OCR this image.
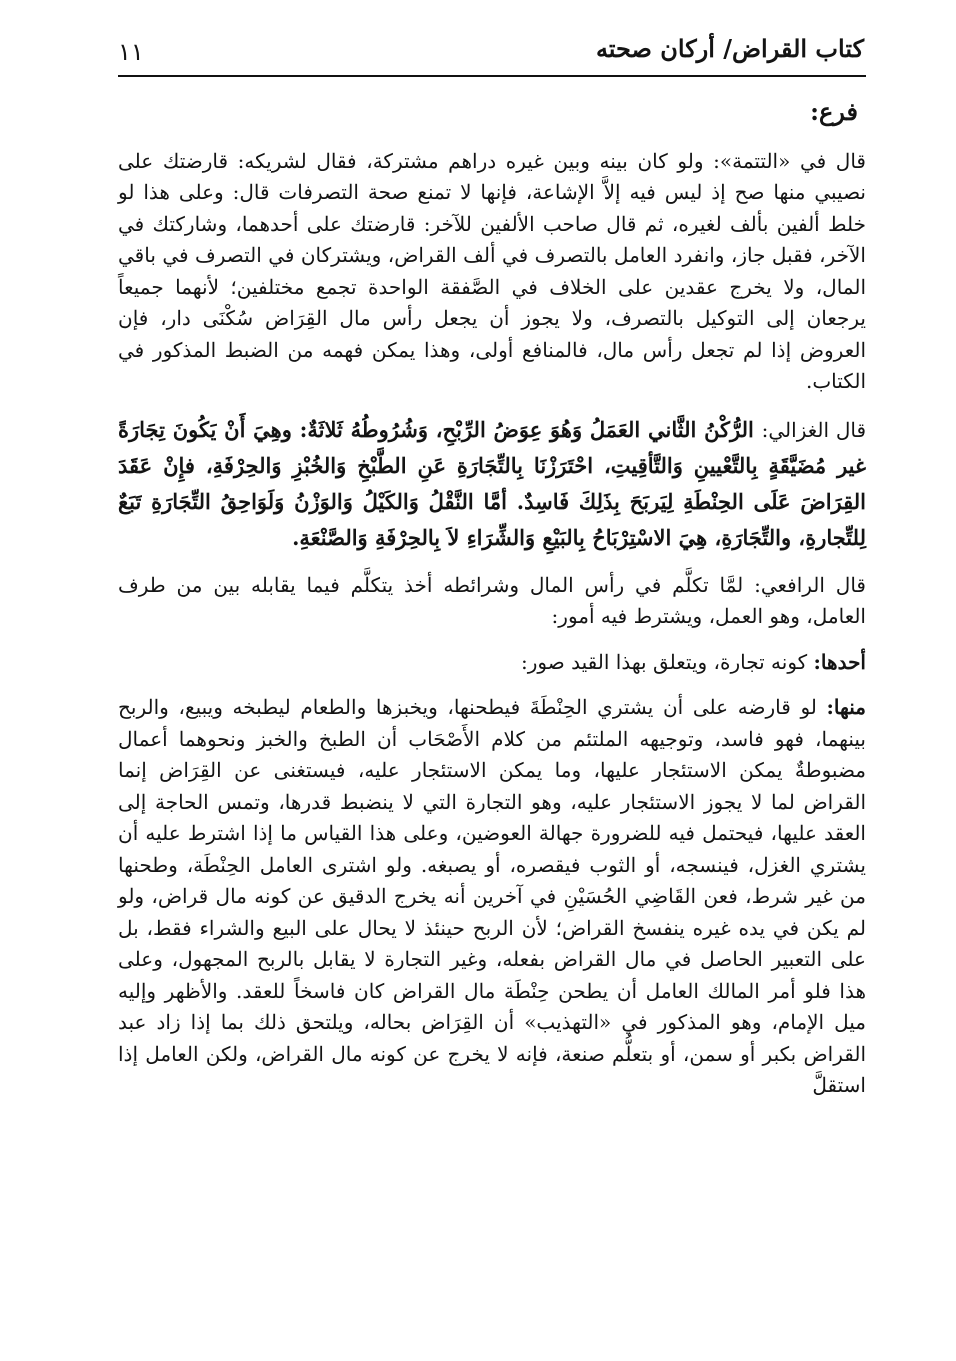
١١	كتاب القراض/ أركان صحته
فرع:

قال في «التتمة»: ولو كان بينه وبين غيره دراهم مشتركة، فقال لشريكه: قارضتك على نصيبي منها صح إذ ليس فيه إلاَّ الإشاعة، فإنها لا تمنع صحة التصرفات قال: وعلى هذا لو خلط ألفين بألف لغيره، ثم قال صاحب الألفين للآخر: قارضتك على أحدهما، وشاركتك في الآخر، فقبل جاز، وانفرد العامل بالتصرف في ألف القراض، ويشتركان في التصرف في باقي المال، ولا يخرج عقدين على الخلاف في الصَّفقة الواحدة تجمع مختلفين؛ لأنهما جميعاً يرجعان إلى التوكيل بالتصرف، ولا يجوز أن يجعل رأس مال القِرَاض سُكْنَى دار، فإن العروض إذا لم تجعل رأس مال، فالمنافع أولى، وهذا يمكن فهمه من الضبط المذكور في الكتاب.

قال الغزالي: الرُّكْنُ الثَّاني العَمَلُ وَهُوَ عِوَضُ الرِّبْحِ، وَشُرُوطُهُ ثَلاثَةٌ: وهِيَ أَنْ يَكُونَ تِجَارَةً غير مُضَيَّقَةٍ بِالتَّعْيينِ وَالتَّأقِيتِ، احْتَرَزْنَا بِالتِّجَارَةِ عَنِ الطَّبْخِ وَالخُبْزِ وَالحِرْفَةِ، فإِنْ عَقَدَ القِرَاضَ عَلَى الحِنْطَةِ لِيَربَحَ بِذَلِكَ فَاسِدٌ. أمَّا النَّقْلُ وَالكَيْلُ وَالوَزْنُ وَلَوَاحِقُ التِّجَارَةِ تَبَعٌ لِلتِّجارةِ، والتِّجَارَةِ، هِيَ الاسْتِرْبَاحُ بِالبَيْعِ وَالشِّرَاءِ لاَ بِالحِرْفَةِ وَالصَّنْعَةِ.

قال الرافعي: لمَّا تكلَّم في رأس المال وشرائطه أخذ يتكلَّم فيما يقابله بين من طرف العامل، وهو العمل، ويشترط فيه أمور:

أحدها: كونه تجارة، ويتعلق بهذا القيد صور:

منها: لو قارضه على أن يشتري الحِنْطَةَ فيطحنها، ويخبزها والطعام ليطبخه ويبيع، والربح بينهما، فهو فاسد، وتوجيهه الملتئم من كلام الأَصْحَاب أن الطبخ والخبز ونحوهما أعمال مضبوطةٌ يمكن الاستئجار عليها، وما يمكن الاستئجار عليه، فيستغنى عن القِرَاض إنما القراض لما لا يجوز الاستئجار عليه، وهو التجارة التي لا ينضبط قدرها، وتمس الحاجة إلى العقد عليها، فيحتمل فيه للضرورة جهالة العوضين، وعلى هذا القياس ما إذا اشترط عليه أن يشتري الغزل، فينسجه، أو الثوب فيقصره، أو يصبغه. ولو اشترى العامل الحِنْطَة، وطحنها من غير شرط، فعن القَاضِي الحُسَيْنِ في آخرين أنه يخرج الدقيق عن كونه مال قراض، ولو لم يكن في يده غيره ينفسخ القراض؛ لأن الربح حينئذ لا يحال على البيع والشراء فقط، بل على التعبير الحاصل في مال القراض بفعله، وغير التجارة لا يقابل بالربح المجهول، وعلى هذا فلو أمر المالك العامل أن يطحن حِنْطَة مال القراض كان فاسخاً للعقد. والأظهر وإليه ميل الإمام، وهو المذكور في «التهذيب» أن القِرَاض بحاله، ويلتحق ذلك بما إذا زاد عبد القراض بكبر أو سمن، أو بتعلُّم صنعة، فإنه لا يخرج عن كونه مال القراض، ولكن العامل إذا استقلَّ
